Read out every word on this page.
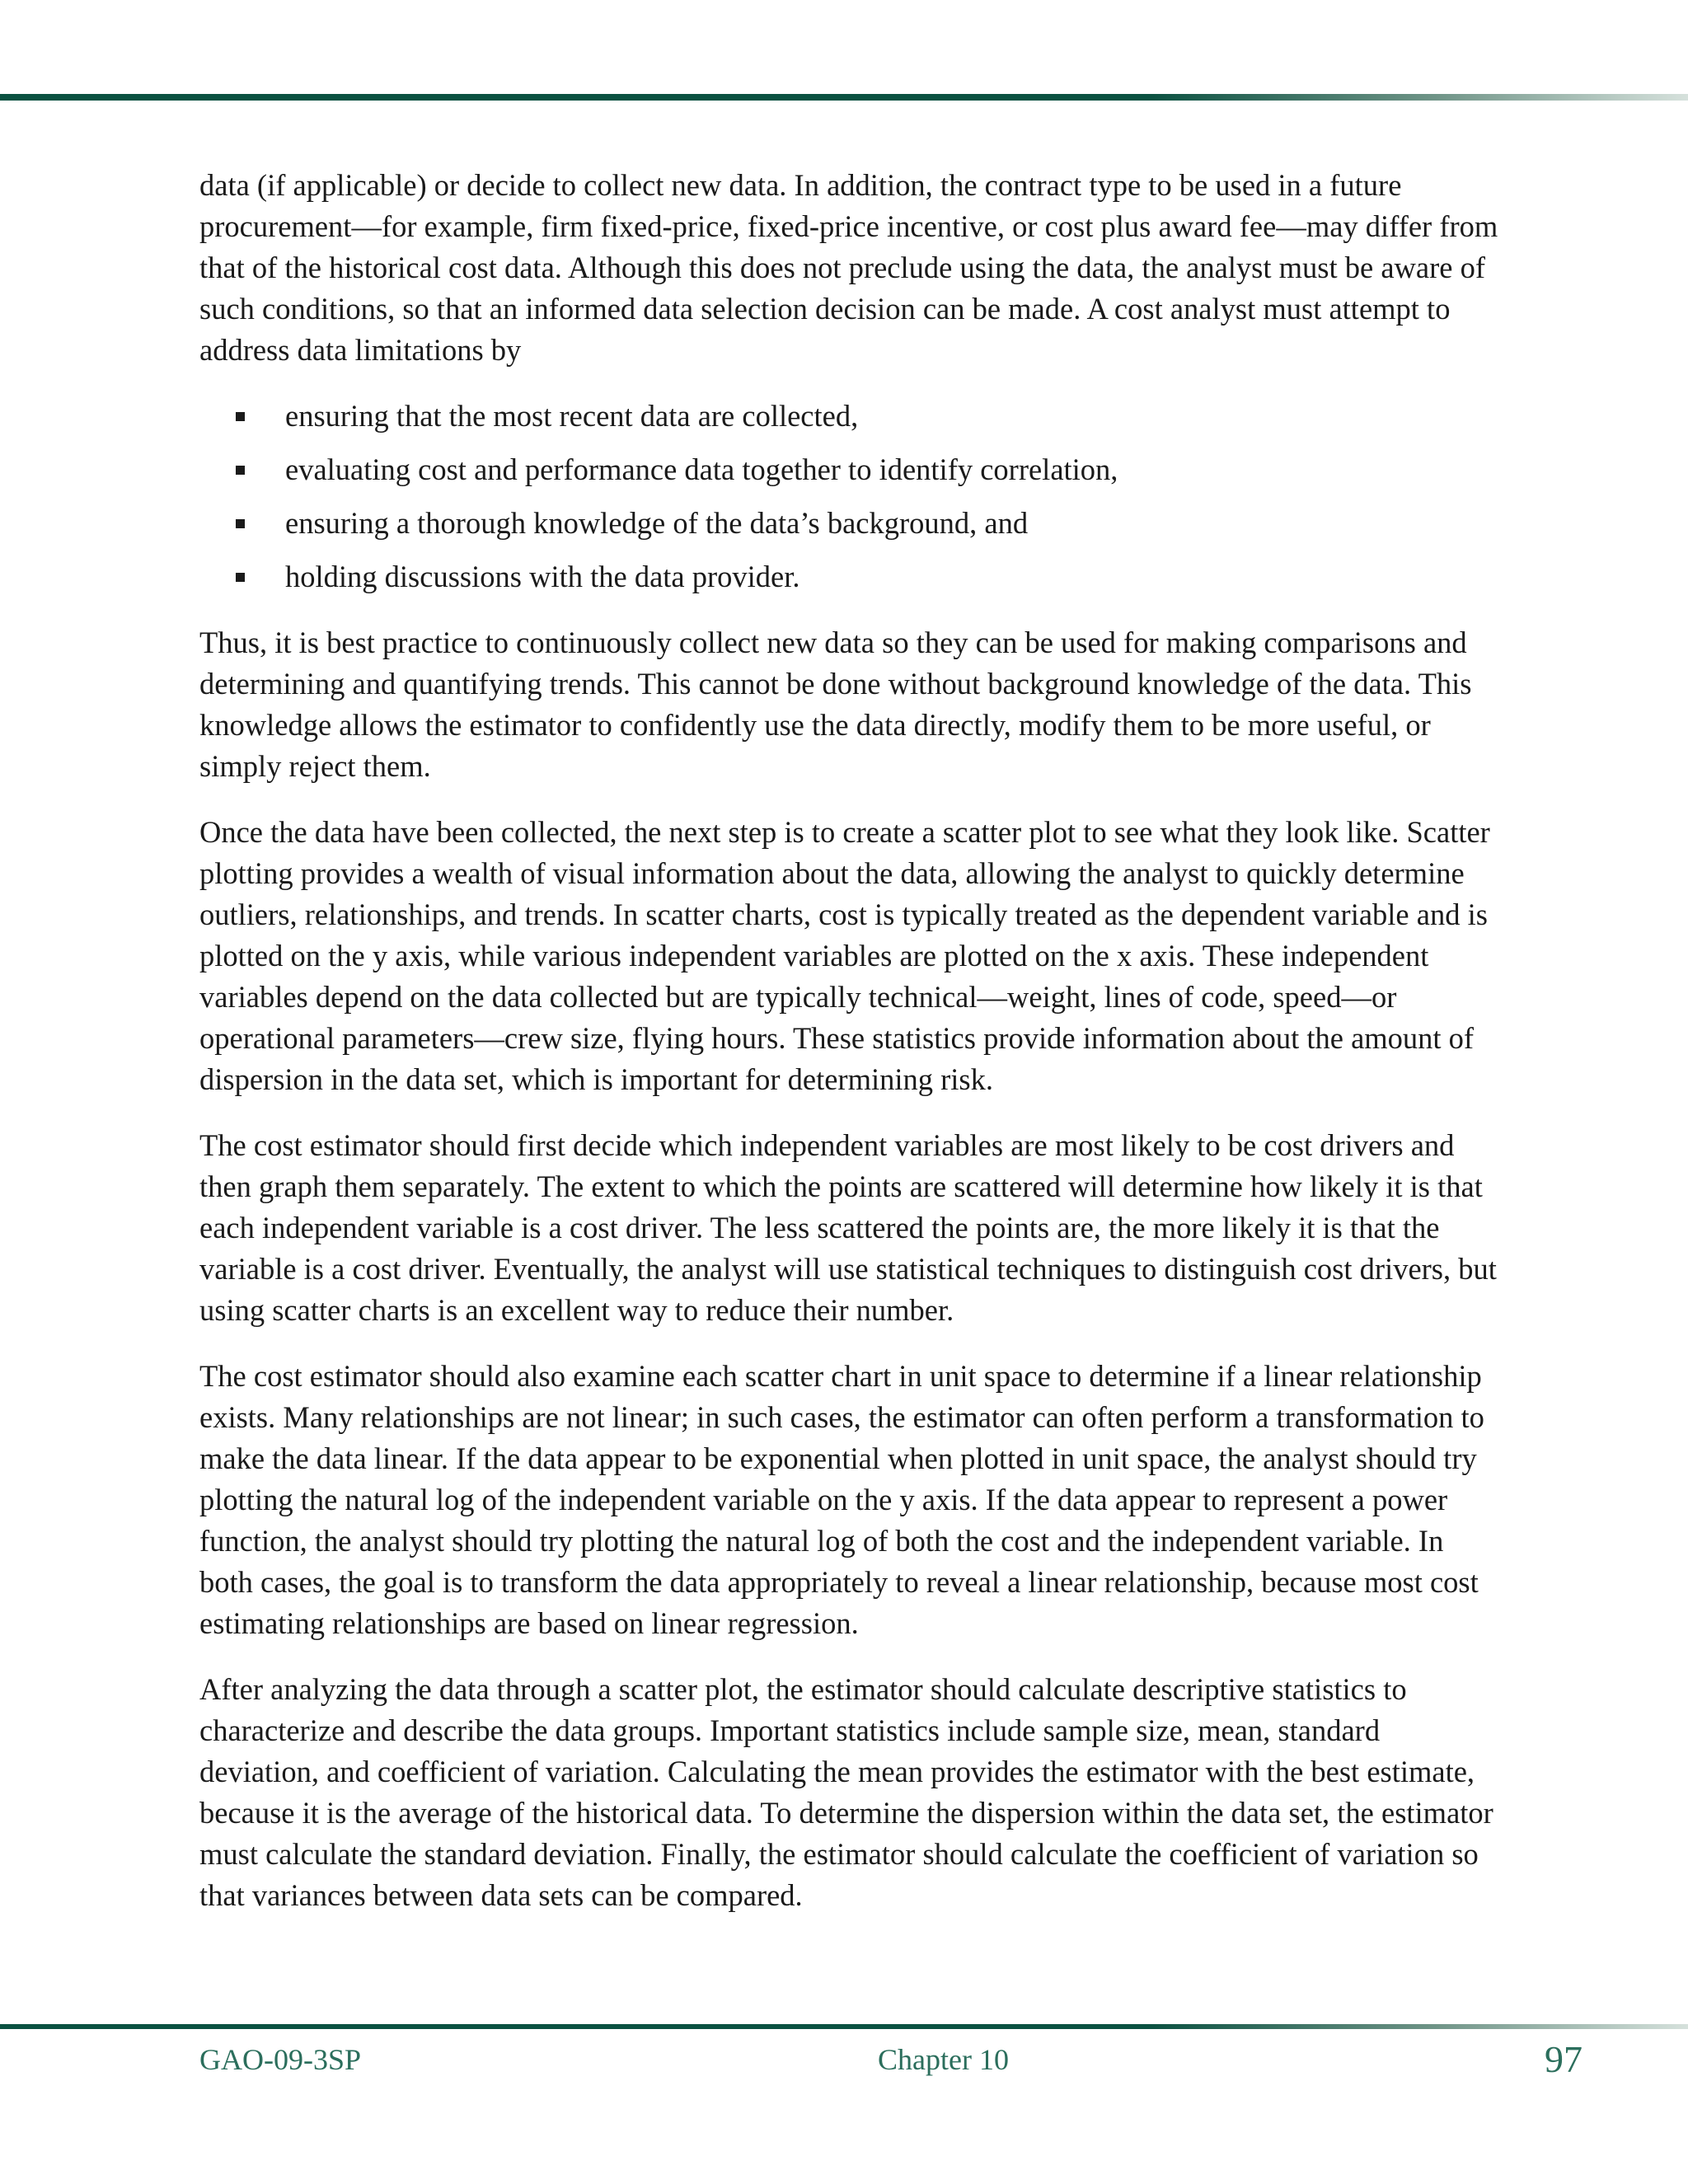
data (if applicable) or decide to collect new data. In addition, the contract type to be used in a future procurement—for example, firm fixed-price, fixed-price incentive, or cost plus award fee—may differ from that of the historical cost data. Although this does not preclude using the data, the analyst must be aware of such conditions, so that an informed data selection decision can be made. A cost analyst must attempt to address data limitations by

ensuring that the most recent data are collected,
evaluating cost and performance data together to identify correlation,
ensuring a thorough knowledge of the data’s background, and
holding discussions with the data provider.

Thus, it is best practice to continuously collect new data so they can be used for making comparisons and determining and quantifying trends. This cannot be done without background knowledge of the data. This knowledge allows the estimator to confidently use the data directly, modify them to be more useful, or simply reject them.

Once the data have been collected, the next step is to create a scatter plot to see what they look like. Scatter plotting provides a wealth of visual information about the data, allowing the analyst to quickly determine outliers, relationships, and trends. In scatter charts, cost is typically treated as the dependent variable and is plotted on the y axis, while various independent variables are plotted on the x axis. These independent variables depend on the data collected but are typically technical—weight, lines of code, speed—or operational parameters—crew size, flying hours. These statistics provide information about the amount of dispersion in the data set, which is important for determining risk.

The cost estimator should first decide which independent variables are most likely to be cost drivers and then graph them separately. The extent to which the points are scattered will determine how likely it is that each independent variable is a cost driver. The less scattered the points are, the more likely it is that the variable is a cost driver. Eventually, the analyst will use statistical techniques to distinguish cost drivers, but using scatter charts is an excellent way to reduce their number.

The cost estimator should also examine each scatter chart in unit space to determine if a linear relationship exists. Many relationships are not linear; in such cases, the estimator can often perform a transformation to make the data linear. If the data appear to be exponential when plotted in unit space, the analyst should try plotting the natural log of the independent variable on the y axis. If the data appear to represent a power function, the analyst should try plotting the natural log of both the cost and the independent variable. In both cases, the goal is to transform the data appropriately to reveal a linear relationship, because most cost estimating relationships are based on linear regression.

After analyzing the data through a scatter plot, the estimator should calculate descriptive statistics to characterize and describe the data groups. Important statistics include sample size, mean, standard deviation, and coefficient of variation. Calculating the mean provides the estimator with the best estimate, because it is the average of the historical data. To determine the dispersion within the data set, the estimator must calculate the standard deviation. Finally, the estimator should calculate the coefficient of variation so that variances between data sets can be compared.

GAO-09-3SP	Chapter 10	97
